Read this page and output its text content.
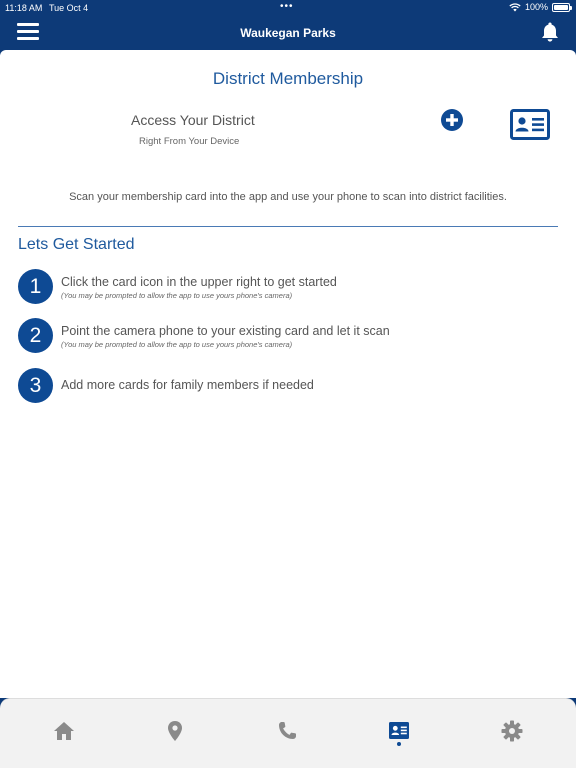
11:18 AM Tue Oct 4	•••	100%
Waukegan Parks
District Membership
Access Your District
Right From Your Device
Scan your membership card into the app and use your phone to scan into district facilities.
Lets Get Started
1	Click the card icon in the upper right to get started
(You may be prompted to allow the app to use yours phone's camera)
2	Point the camera phone to your existing card and let it scan
(You may be prompted to allow the app to use yours phone's camera)
3	Add more cards for family members if needed
